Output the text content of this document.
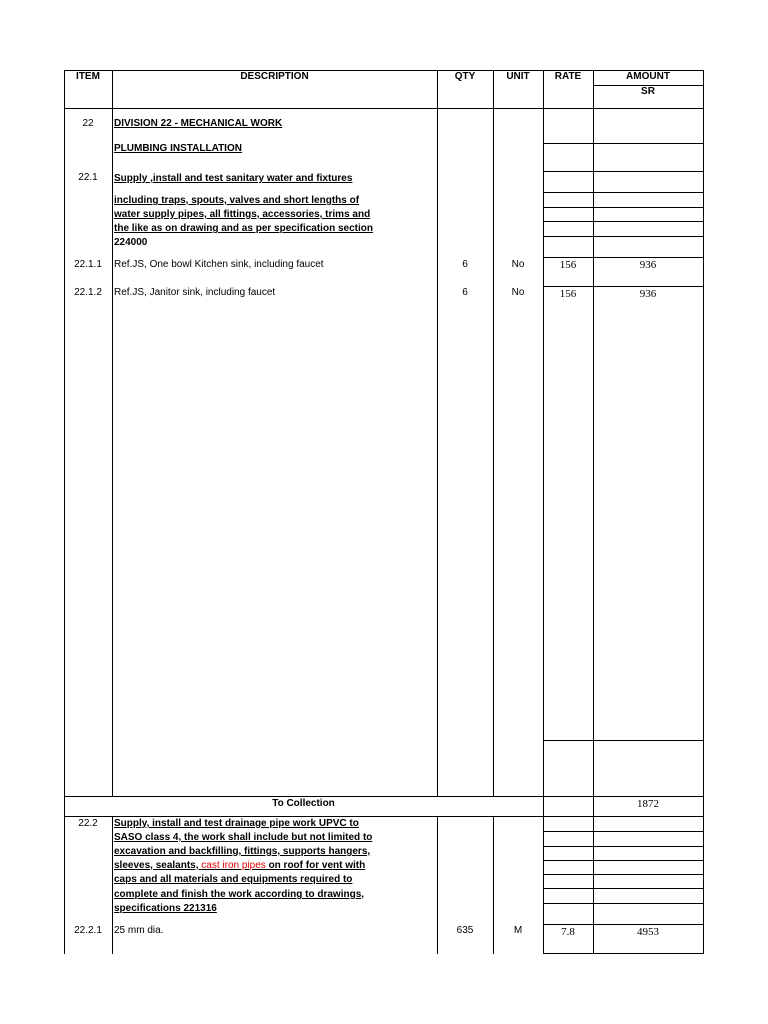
ITEM	DESCRIPTION	QTY	UNIT	RATE	AMOUNT
SR
22	DIVISION 22 - MECHANICAL WORK
PLUMBING INSTALLATION
22.1	Supply ,install and test sanitary water and fixtures
including traps, spouts, valves and short lengths of
water supply pipes, all fittings, accessories, trims and
the like as on drawing and as per specification section
224000
22.1.1	Ref.JS, One bowl Kitchen sink, including faucet	6	No	156	936
22.1.2	Ref.JS, Janitor sink, including faucet	6	No	156	936
To Collection	1872
22.2	Supply, install and test drainage pipe work UPVC to
SASO class 4, the work shall include but not limited to
excavation and backfilling, fittings, supports hangers,
sleeves, sealants, cast iron pipes on roof for vent with
caps and all materials and equipments required to
complete and finish the work according to drawings,
specifications 221316
22.2.1	25 mm dia.	635	M	7.8	4953
